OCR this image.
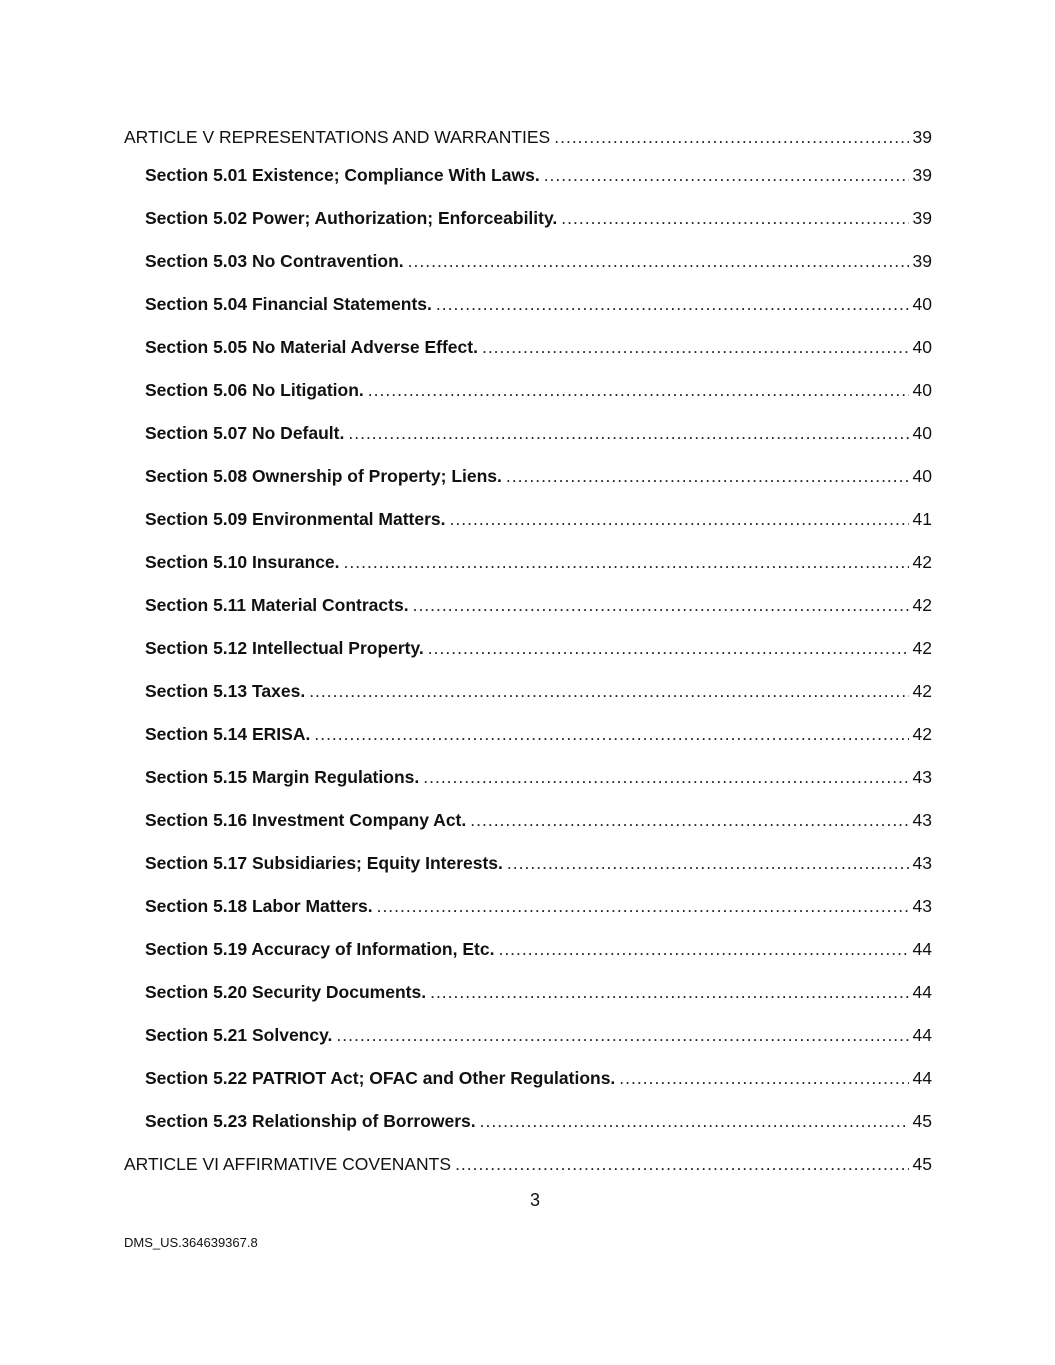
ARTICLE V REPRESENTATIONS AND WARRANTIES .....	39
Section 5.01 Existence; Compliance With Laws. .....	39
Section 5.02 Power; Authorization; Enforceability. .....	39
Section 5.03 No Contravention. .....	39
Section 5.04 Financial Statements. .....	40
Section 5.05 No Material Adverse Effect. .....	40
Section 5.06 No Litigation. .....	40
Section 5.07 No Default. .....	40
Section 5.08 Ownership of Property; Liens. .....	40
Section 5.09 Environmental Matters. .....	41
Section 5.10 Insurance. .....	42
Section 5.11 Material Contracts. .....	42
Section 5.12 Intellectual Property. .....	42
Section 5.13 Taxes. .....	42
Section 5.14 ERISA. .....	42
Section 5.15 Margin Regulations. .....	43
Section 5.16 Investment Company Act. .....	43
Section 5.17 Subsidiaries; Equity Interests. .....	43
Section 5.18 Labor Matters. .....	43
Section 5.19 Accuracy of Information, Etc. .....	44
Section 5.20 Security Documents. .....	44
Section 5.21 Solvency. .....	44
Section 5.22 PATRIOT Act; OFAC and Other Regulations. .....	44
Section 5.23 Relationship of Borrowers. .....	45
ARTICLE VI AFFIRMATIVE COVENANTS .....	45
3
DMS_US.364639367.8
